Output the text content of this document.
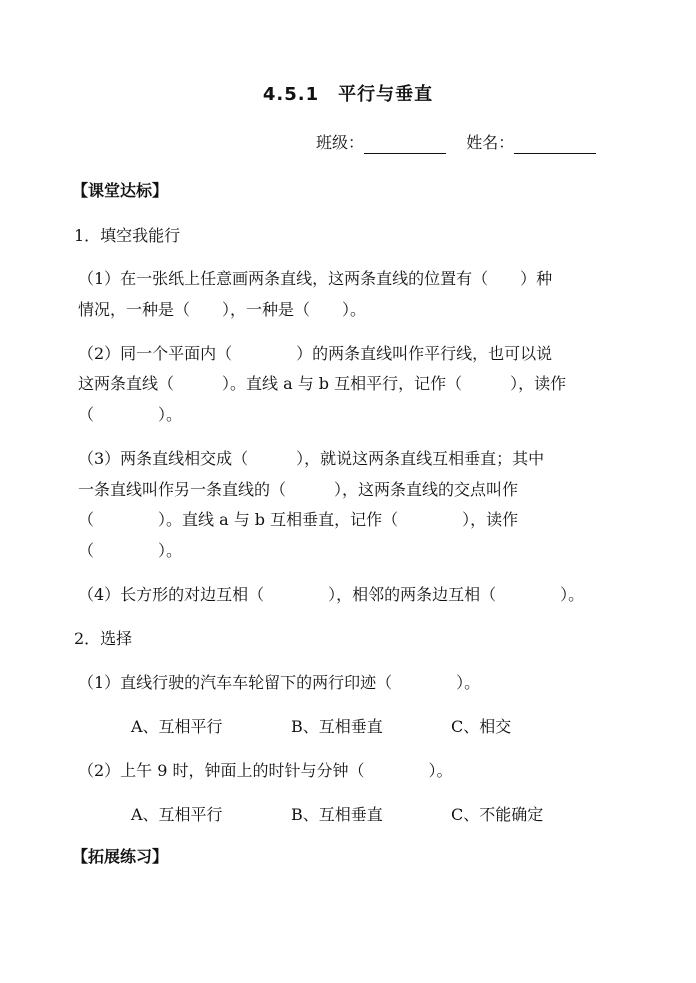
4.5.1　平行与垂直
班级：	姓名：
【课堂达标】
1．填空我能行
（1）在一张纸上任意画两条直线，这两条直线的位置有（　　）种
情况，一种是（　　），一种是（　　）。
（2）同一个平面内（　　　　）的两条直线叫作平行线，也可以说
这两条直线（　　　）。直线 a 与 b 互相平行，记作（　　　），读作
（　　　　）。
（3）两条直线相交成（　　　），就说这两条直线互相垂直；其中
一条直线叫作另一条直线的（　　　），这两条直线的交点叫作
（　　　　）。直线 a 与 b 互相垂直，记作（　　　　），读作
（　　　　）。
（4）长方形的对边互相（　　　　），相邻的两条边互相（　　　　）。
2．选择
（1）直线行驶的汽车车轮留下的两行印迹（　　　　）。
A、互相平行	B、互相垂直	C、相交
（2）上午 9 时，钟面上的时针与分钟（　　　　）。
A、互相平行	B、互相垂直	C、不能确定
【拓展练习】
